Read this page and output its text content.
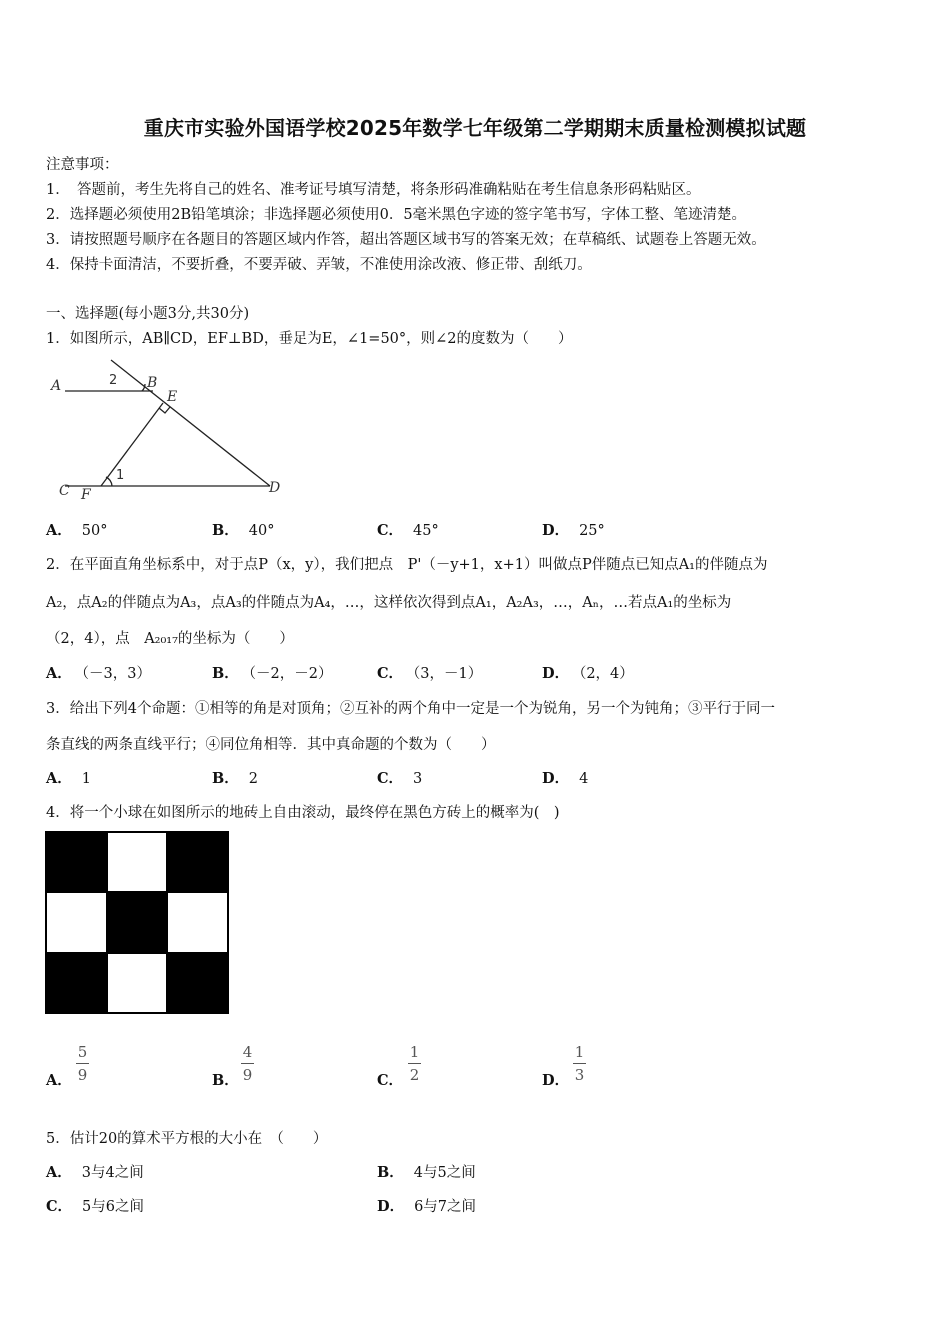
重庆市实验外国语学校2025年数学七年级第二学期期末质量检测模拟试题
注意事项：
1．　答题前，考生先将自己的姓名、准考证号填写清楚，将条形码准确粘贴在考生信息条形码粘贴区。
2．选择题必须使用2B铅笔填涂；非选择题必须使用0．5毫米黑色字迹的签字笔书写，字体工整、笔迹清楚。
3．请按照题号顺序在各题目的答题区域内作答，超出答题区域书写的答案无效；在草稿纸、试题卷上答题无效。
4．保持卡面清洁，不要折叠，不要弄破、弄皱，不准使用涂改液、修正带、刮纸刀。
一、选择题(每小题3分,共30分)
1．如图所示，AB∥CD，EF⊥BD，垂足为E，∠1=50°，则∠2的度数为（　　）
A	B
E
C F	D
2
1
A． 50°	B． 40°	C． 45°	D． 25°
2．在平面直角坐标系中，对于点P（x，y），我们把点　P'（－y+1，x+1）叫做点P伴随点已知点A₁的伴随点为
A₂，点A₂的伴随点为A₃，点A₃的伴随点为A₄，…，这样依次得到点A₁，A₂A₃，…，Aₙ，…若点A₁的坐标为
（2，4），点　A₂₀₁₇的坐标为（　　）
A． （－3，3）	B． （－2，－2）	C． （3，－1）	D． （2，4）
3．给出下列4个命题：①相等的角是对顶角；②互补的两个角中一定是一个为锐角，另一个为钝角；③平行于同一
条直线的两条直线平行；④同位角相等．其中真命题的个数为（　　）
A． 1	B． 2	C． 3	D． 4
4．将一个小球在如图所示的地砖上自由滚动，最终停在黑色方砖上的概率为(　)
A．
5
9	B．
4
9	C．
1
2	D．
1
3
5．估计20的算术平方根的大小在　（　　）
A． 3与4之间	B． 4与5之间
C． 5与6之间	D． 6与7之间
